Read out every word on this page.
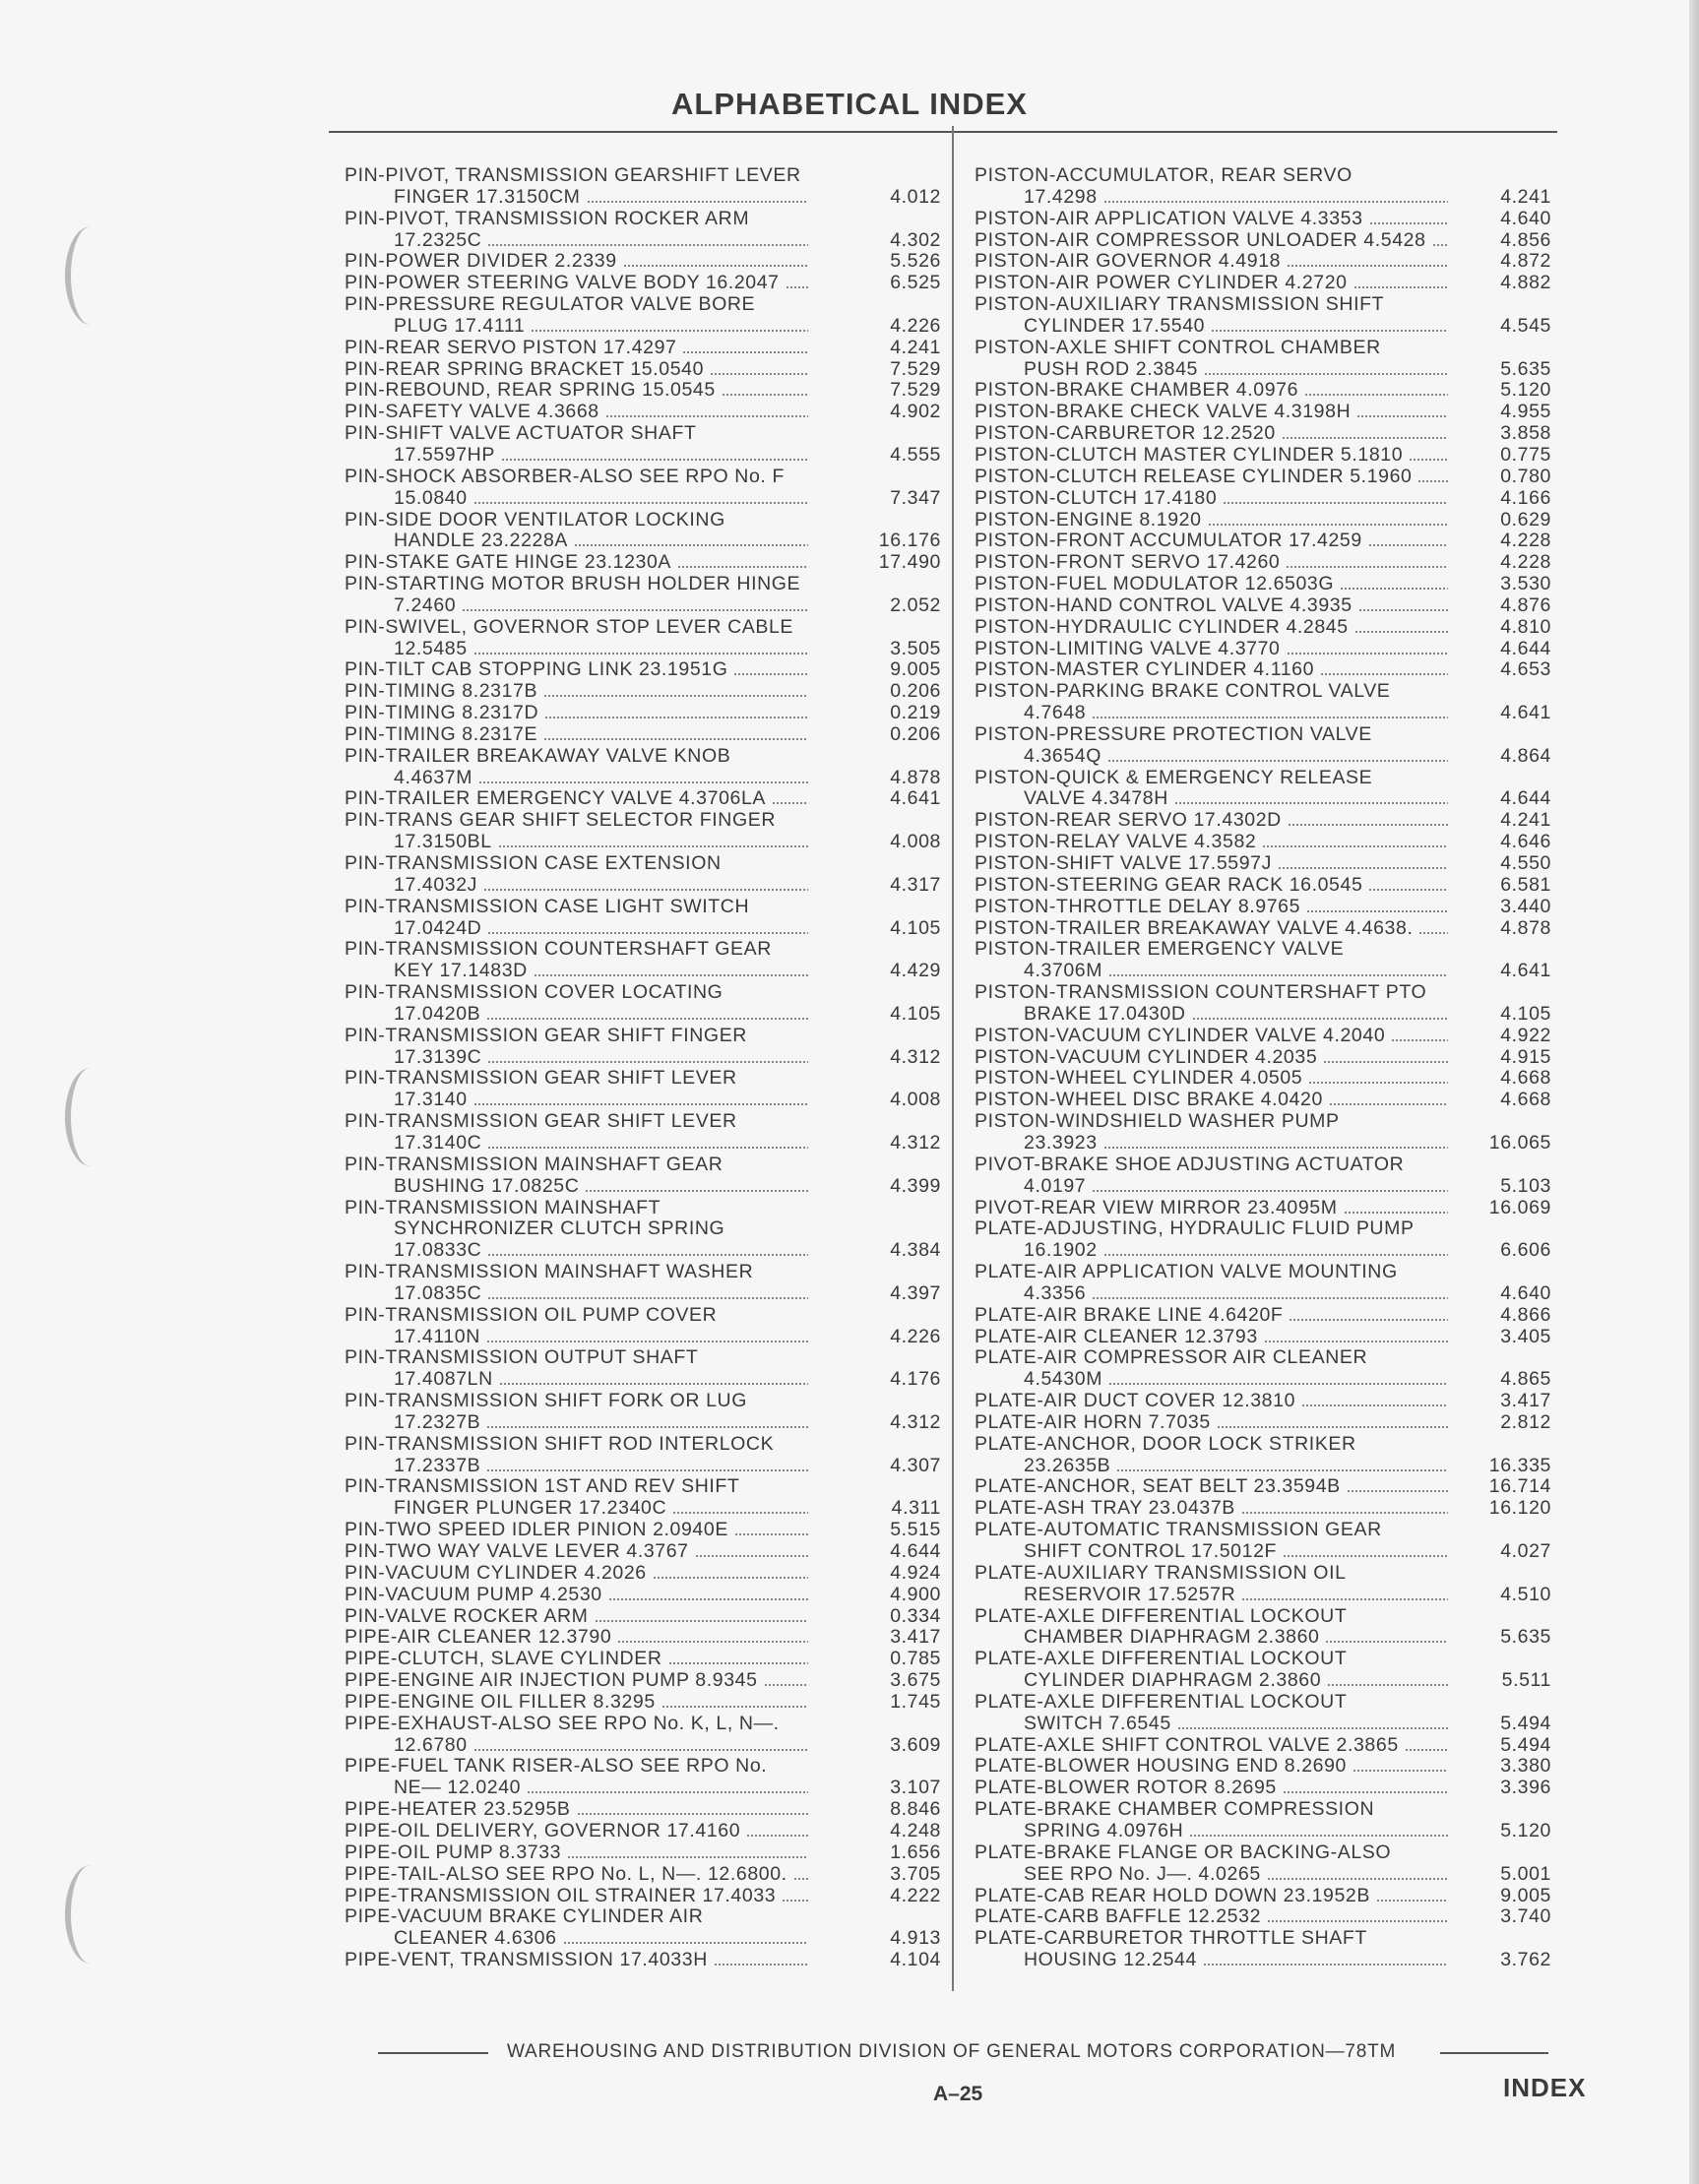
ALPHABETICAL INDEX
PIN-PIVOT, TRANSMISSION GEARSHIFT LEVER
FINGER 17.3150CM	4.012
PIN-PIVOT, TRANSMISSION ROCKER ARM
17.2325C	4.302
PIN-POWER DIVIDER 2.2339	5.526
PIN-POWER STEERING VALVE BODY 16.2047	6.525
PIN-PRESSURE REGULATOR VALVE BORE
PLUG 17.4111	4.226
PIN-REAR SERVO PISTON 17.4297	4.241
PIN-REAR SPRING BRACKET 15.0540	7.529
PIN-REBOUND, REAR SPRING 15.0545	7.529
PIN-SAFETY VALVE 4.3668	4.902
PIN-SHIFT VALVE ACTUATOR SHAFT
17.5597HP	4.555
PIN-SHOCK ABSORBER-ALSO SEE RPO No. F
15.0840	7.347
PIN-SIDE DOOR VENTILATOR LOCKING
HANDLE 23.2228A	16.176
PIN-STAKE GATE HINGE 23.1230A	17.490
PIN-STARTING MOTOR BRUSH HOLDER HINGE
7.2460	2.052
PIN-SWIVEL, GOVERNOR STOP LEVER CABLE
12.5485	3.505
PIN-TILT CAB STOPPING LINK 23.1951G	9.005
PIN-TIMING 8.2317B	0.206
PIN-TIMING 8.2317D	0.219
PIN-TIMING 8.2317E	0.206
PIN-TRAILER BREAKAWAY VALVE KNOB
4.4637M	4.878
PIN-TRAILER EMERGENCY VALVE 4.3706LA	4.641
PIN-TRANS GEAR SHIFT SELECTOR FINGER
17.3150BL	4.008
PIN-TRANSMISSION CASE EXTENSION
17.4032J	4.317
PIN-TRANSMISSION CASE LIGHT SWITCH
17.0424D	4.105
PIN-TRANSMISSION COUNTERSHAFT GEAR
KEY 17.1483D	4.429
PIN-TRANSMISSION COVER LOCATING
17.0420B	4.105
PIN-TRANSMISSION GEAR SHIFT FINGER
17.3139C	4.312
PIN-TRANSMISSION GEAR SHIFT LEVER
17.3140	4.008
PIN-TRANSMISSION GEAR SHIFT LEVER
17.3140C	4.312
PIN-TRANSMISSION MAINSHAFT GEAR
BUSHING 17.0825C	4.399
PIN-TRANSMISSION MAINSHAFT
SYNCHRONIZER CLUTCH SPRING
17.0833C	4.384
PIN-TRANSMISSION MAINSHAFT WASHER
17.0835C	4.397
PIN-TRANSMISSION OIL PUMP COVER
17.4110N	4.226
PIN-TRANSMISSION OUTPUT SHAFT
17.4087LN	4.176
PIN-TRANSMISSION SHIFT FORK OR LUG
17.2327B	4.312
PIN-TRANSMISSION SHIFT ROD INTERLOCK
17.2337B	4.307
PIN-TRANSMISSION 1ST AND REV SHIFT
FINGER PLUNGER 17.2340C	4.311
PIN-TWO SPEED IDLER PINION 2.0940E	5.515
PIN-TWO WAY VALVE LEVER 4.3767	4.644
PIN-VACUUM CYLINDER 4.2026	4.924
PIN-VACUUM PUMP 4.2530	4.900
PIN-VALVE ROCKER ARM	0.334
PIPE-AIR CLEANER 12.3790	3.417
PIPE-CLUTCH, SLAVE CYLINDER	0.785
PIPE-ENGINE AIR INJECTION PUMP 8.9345	3.675
PIPE-ENGINE OIL FILLER 8.3295	1.745
PIPE-EXHAUST-ALSO SEE RPO No. K, L, N—.
12.6780	3.609
PIPE-FUEL TANK RISER-ALSO SEE RPO No.
NE— 12.0240	3.107
PIPE-HEATER 23.5295B	8.846
PIPE-OIL DELIVERY, GOVERNOR 17.4160	4.248
PIPE-OIL PUMP 8.3733	1.656
PIPE-TAIL-ALSO SEE RPO No. L, N—. 12.6800.	3.705
PIPE-TRANSMISSION OIL STRAINER 17.4033	4.222
PIPE-VACUUM BRAKE CYLINDER AIR
CLEANER 4.6306	4.913
PIPE-VENT, TRANSMISSION 17.4033H	4.104
PISTON-ACCUMULATOR, REAR SERVO
17.4298	4.241
PISTON-AIR APPLICATION VALVE 4.3353	4.640
PISTON-AIR COMPRESSOR UNLOADER 4.5428	4.856
PISTON-AIR GOVERNOR 4.4918	4.872
PISTON-AIR POWER CYLINDER 4.2720	4.882
PISTON-AUXILIARY TRANSMISSION SHIFT
CYLINDER 17.5540	4.545
PISTON-AXLE SHIFT CONTROL CHAMBER
PUSH ROD 2.3845	5.635
PISTON-BRAKE CHAMBER 4.0976	5.120
PISTON-BRAKE CHECK VALVE 4.3198H	4.955
PISTON-CARBURETOR 12.2520	3.858
PISTON-CLUTCH MASTER CYLINDER 5.1810	0.775
PISTON-CLUTCH RELEASE CYLINDER 5.1960	0.780
PISTON-CLUTCH 17.4180	4.166
PISTON-ENGINE 8.1920	0.629
PISTON-FRONT ACCUMULATOR 17.4259	4.228
PISTON-FRONT SERVO 17.4260	4.228
PISTON-FUEL MODULATOR 12.6503G	3.530
PISTON-HAND CONTROL VALVE 4.3935	4.876
PISTON-HYDRAULIC CYLINDER 4.2845	4.810
PISTON-LIMITING VALVE 4.3770	4.644
PISTON-MASTER CYLINDER 4.1160	4.653
PISTON-PARKING BRAKE CONTROL VALVE
4.7648	4.641
PISTON-PRESSURE PROTECTION VALVE
4.3654Q	4.864
PISTON-QUICK & EMERGENCY RELEASE
VALVE 4.3478H	4.644
PISTON-REAR SERVO 17.4302D	4.241
PISTON-RELAY VALVE 4.3582	4.646
PISTON-SHIFT VALVE 17.5597J	4.550
PISTON-STEERING GEAR RACK 16.0545	6.581
PISTON-THROTTLE DELAY 8.9765	3.440
PISTON-TRAILER BREAKAWAY VALVE 4.4638.	4.878
PISTON-TRAILER EMERGENCY VALVE
4.3706M	4.641
PISTON-TRANSMISSION COUNTERSHAFT PTO
BRAKE 17.0430D	4.105
PISTON-VACUUM CYLINDER VALVE 4.2040	4.922
PISTON-VACUUM CYLINDER 4.2035	4.915
PISTON-WHEEL CYLINDER 4.0505	4.668
PISTON-WHEEL DISC BRAKE 4.0420	4.668
PISTON-WINDSHIELD WASHER PUMP
23.3923	16.065
PIVOT-BRAKE SHOE ADJUSTING ACTUATOR
4.0197	5.103
PIVOT-REAR VIEW MIRROR 23.4095M	16.069
PLATE-ADJUSTING, HYDRAULIC FLUID PUMP
16.1902	6.606
PLATE-AIR APPLICATION VALVE MOUNTING
4.3356	4.640
PLATE-AIR BRAKE LINE 4.6420F	4.866
PLATE-AIR CLEANER 12.3793	3.405
PLATE-AIR COMPRESSOR AIR CLEANER
4.5430M	4.865
PLATE-AIR DUCT COVER 12.3810	3.417
PLATE-AIR HORN 7.7035	2.812
PLATE-ANCHOR, DOOR LOCK STRIKER
23.2635B	16.335
PLATE-ANCHOR, SEAT BELT 23.3594B	16.714
PLATE-ASH TRAY 23.0437B	16.120
PLATE-AUTOMATIC TRANSMISSION GEAR
SHIFT CONTROL 17.5012F	4.027
PLATE-AUXILIARY TRANSMISSION OIL
RESERVOIR 17.5257R	4.510
PLATE-AXLE DIFFERENTIAL LOCKOUT
CHAMBER DIAPHRAGM 2.3860	5.635
PLATE-AXLE DIFFERENTIAL LOCKOUT
CYLINDER DIAPHRAGM 2.3860	5.511
PLATE-AXLE DIFFERENTIAL LOCKOUT
SWITCH 7.6545	5.494
PLATE-AXLE SHIFT CONTROL VALVE 2.3865	5.494
PLATE-BLOWER HOUSING END 8.2690	3.380
PLATE-BLOWER ROTOR 8.2695	3.396
PLATE-BRAKE CHAMBER COMPRESSION
SPRING 4.0976H	5.120
PLATE-BRAKE FLANGE OR BACKING-ALSO
SEE RPO No. J—. 4.0265	5.001
PLATE-CAB REAR HOLD DOWN 23.1952B	9.005
PLATE-CARB BAFFLE 12.2532	3.740
PLATE-CARBURETOR THROTTLE SHAFT
HOUSING 12.2544	3.762
WAREHOUSING AND DISTRIBUTION DIVISION OF GENERAL MOTORS CORPORATION—78TM
A–25	INDEX
